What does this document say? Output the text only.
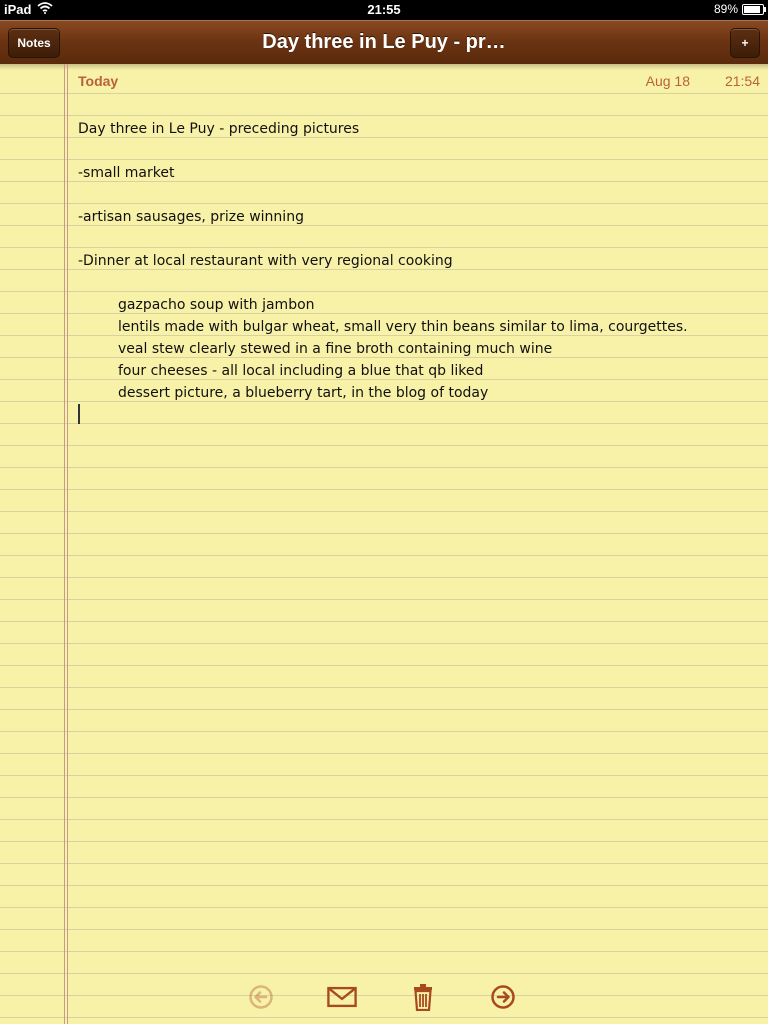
iPad	21:55	89%
Day three in Le Puy - pr…
Notes	+
Today	Aug 18 21:54
Day three in Le Puy - preceding pictures
-small market
-artisan sausages, prize winning
-Dinner at local restaurant with very regional cooking
gazpacho soup with jambon
lentils made with bulgar wheat, small very thin beans similar to lima, courgettes.
veal stew clearly stewed in a fine broth containing much wine
four cheeses - all local including a blue that qb liked
dessert picture, a blueberry tart, in the blog of today
